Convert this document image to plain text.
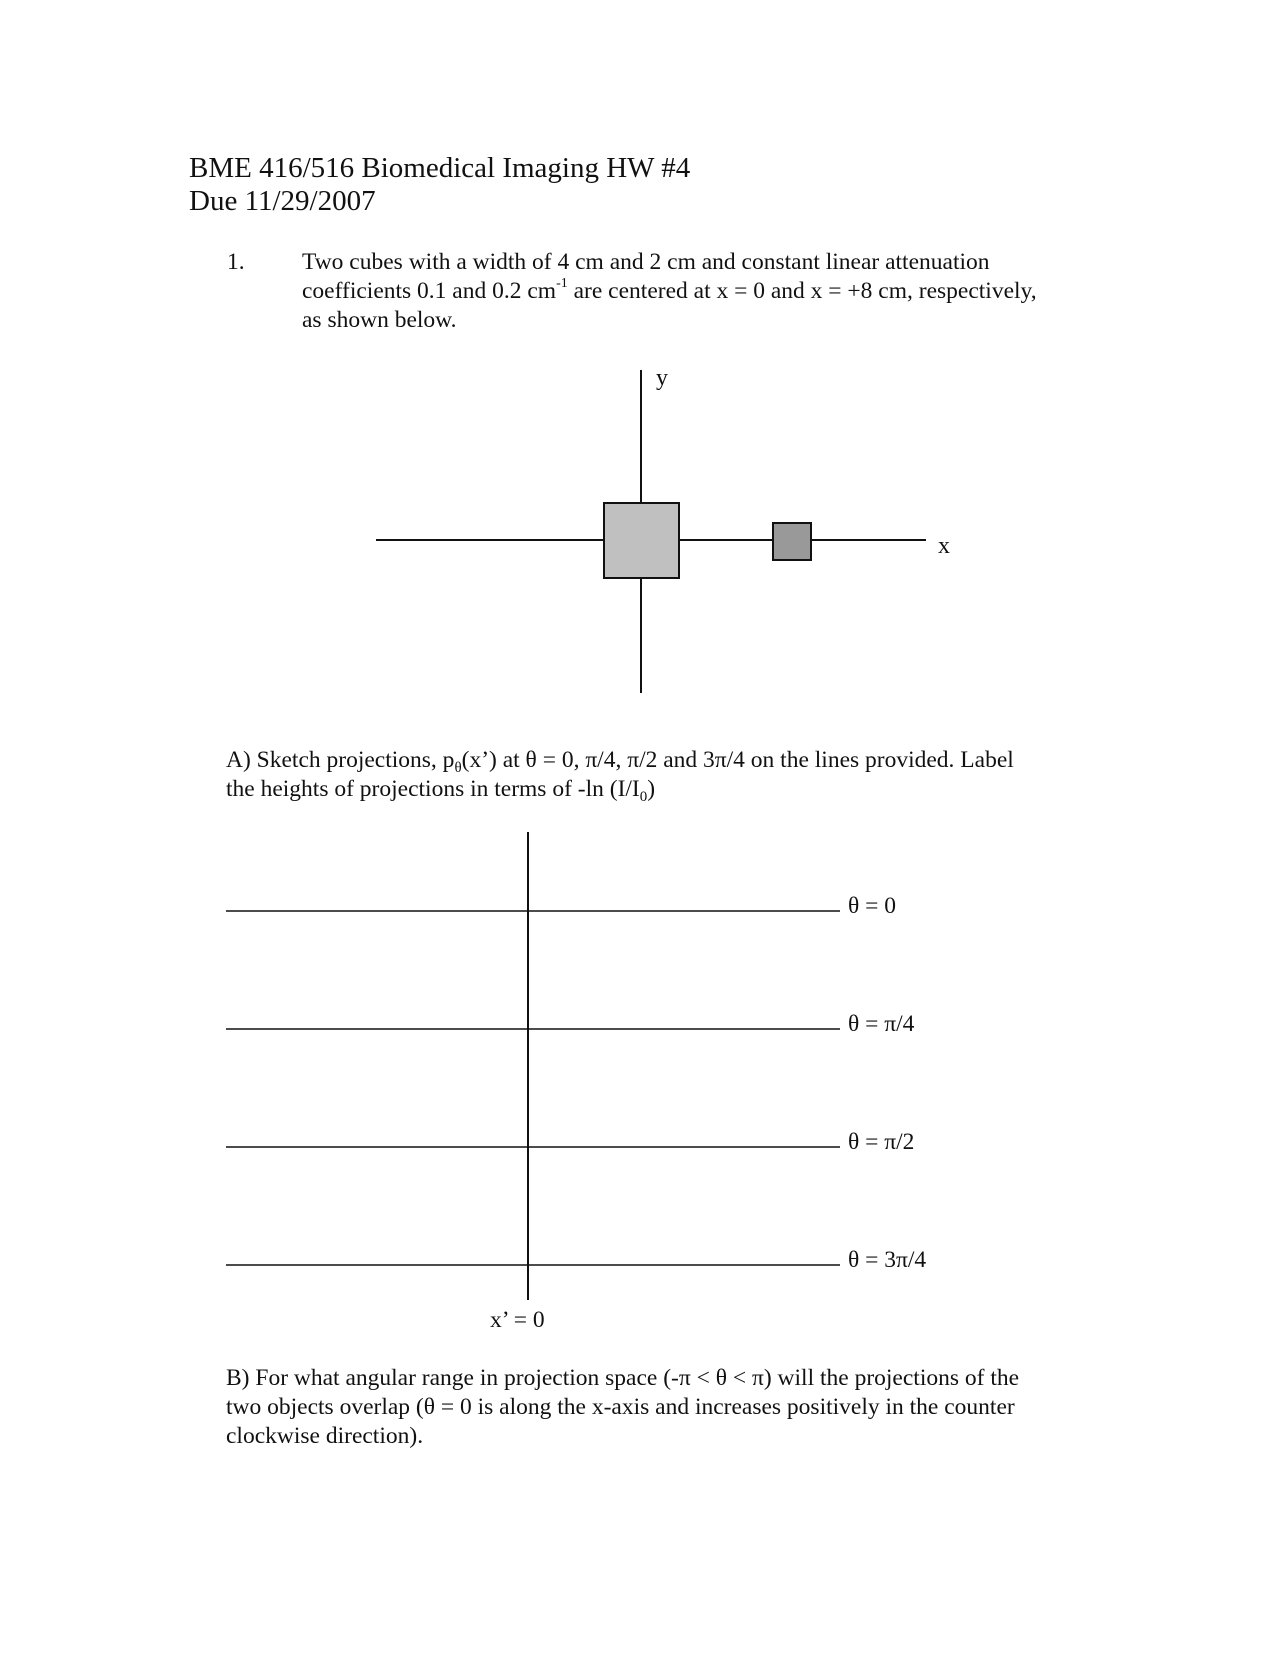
BME 416/516 Biomedical Imaging HW #4
Due 11/29/2007
1. Two cubes with a width of 4 cm and 2 cm and constant linear attenuation
coefficients 0.1 and 0.2 $cm^{-1}$ are centered at x = 0 and x = +8 cm, respectively,
as shown below.
y
x
A) Sketch projections, $p_\theta(x’)$ at θ = 0, π/4, π/2 and 3π/4 on the lines provided. Label
the heights of projections in terms of -ln $(I/I_0)$
θ = 0
θ = π/4
θ = π/2
θ = 3π/4
x’ = 0
B) For what angular range in projection space (-π < θ < π) will the projections of the
two objects overlap (θ = 0 is along the x-axis and increases positively in the counter
clockwise direction).
